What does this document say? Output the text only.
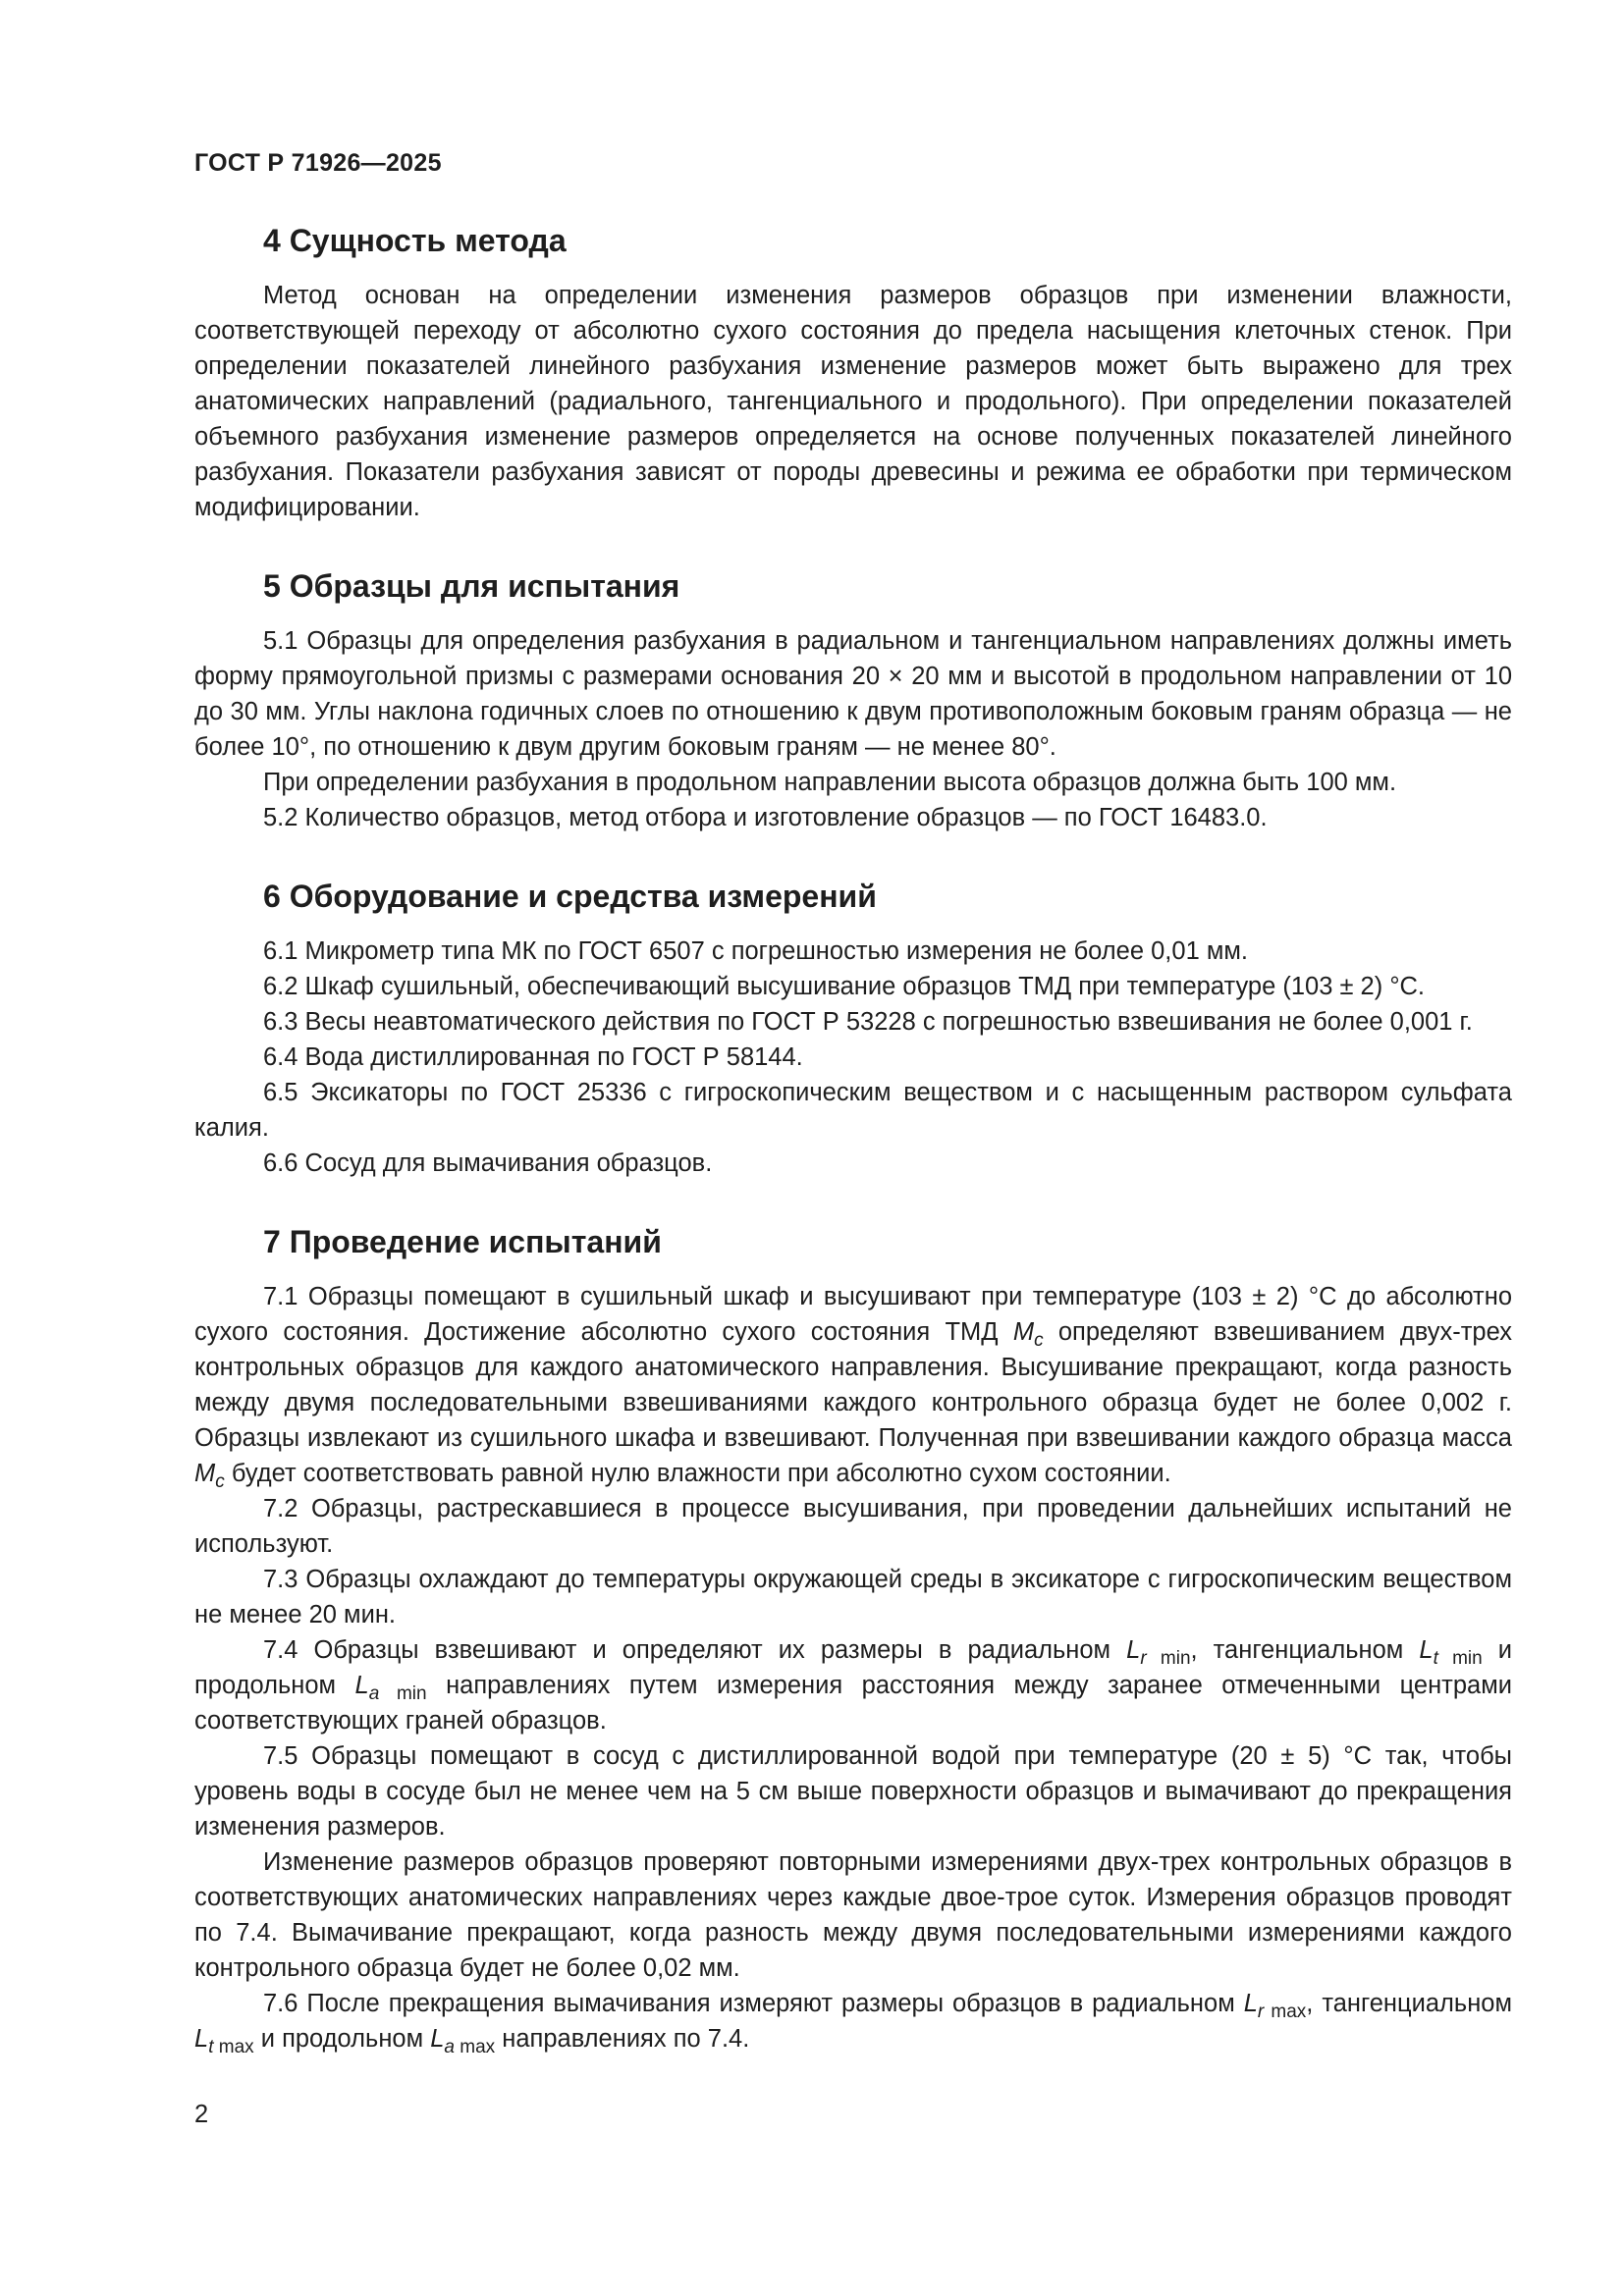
ГОСТ Р 71926—2025
4 Сущность метода

Метод основан на определении изменения размеров образцов при изменении влажности, соответствующей переходу от абсолютно сухого состояния до предела насыщения клеточных стенок. При определении показателей линейного разбухания изменение размеров может быть выражено для трех анатомических направлений (радиального, тангенциального и продольного). При определении показателей объемного разбухания изменение размеров определяется на основе полученных показателей линейного разбухания. Показатели разбухания зависят от породы древесины и режима ее обработки при термическом модифицировании.

5 Образцы для испытания

5.1 Образцы для определения разбухания в радиальном и тангенциальном направлениях должны иметь форму прямоугольной призмы с размерами основания 20 × 20 мм и высотой в продольном направлении от 10 до 30 мм. Углы наклона годичных слоев по отношению к двум противоположным боковым граням образца — не более 10°, по отношению к двум другим боковым граням — не менее 80°.

При определении разбухания в продольном направлении высота образцов должна быть 100 мм.

5.2 Количество образцов, метод отбора и изготовление образцов — по ГОСТ 16483.0.

6 Оборудование и средства измерений

6.1 Микрометр типа МК по ГОСТ 6507 с погрешностью измерения не более 0,01 мм.

6.2 Шкаф сушильный, обеспечивающий высушивание образцов ТМД при температуре (103 ± 2) °С.

6.3 Весы неавтоматического действия по ГОСТ Р 53228 с погрешностью взвешивания не более 0,001 г.

6.4 Вода дистиллированная по ГОСТ Р 58144.

6.5 Эксикаторы по ГОСТ 25336 с гигроскопическим веществом и с насыщенным раствором сульфата калия.

6.6 Сосуд для вымачивания образцов.

7 Проведение испытаний

7.1 Образцы помещают в сушильный шкаф и высушивают при температуре (103 ± 2) °С до абсолютно сухого состояния. Достижение абсолютно сухого состояния ТМД $M_c$ определяют взвешиванием двух-трех контрольных образцов для каждого анатомического направления. Высушивание прекращают, когда разность между двумя последовательными взвешиваниями каждого контрольного образца будет не более 0,002 г. Образцы извлекают из сушильного шкафа и взвешивают. Полученная при взвешивании каждого образца масса $M_c$ будет соответствовать равной нулю влажности при абсолютно сухом состоянии.

7.2 Образцы, растрескавшиеся в процессе высушивания, при проведении дальнейших испытаний не используют.

7.3 Образцы охлаждают до температуры окружающей среды в эксикаторе с гигроскопическим веществом не менее 20 мин.

7.4 Образцы взвешивают и определяют их размеры в радиальном $L_{r min}$, тангенциальном $L_{t min}$ и продольном $L_{a min}$ направлениях путем измерения расстояния между заранее отмеченными центрами соответствующих граней образцов.

7.5 Образцы помещают в сосуд с дистиллированной водой при температуре (20 ± 5) °С так, чтобы уровень воды в сосуде был не менее чем на 5 см выше поверхности образцов и вымачивают до прекращения изменения размеров.

Изменение размеров образцов проверяют повторными измерениями двух-трех контрольных образцов в соответствующих анатомических направлениях через каждые двое-трое суток. Измерения образцов проводят по 7.4. Вымачивание прекращают, когда разность между двумя последовательными измерениями каждого контрольного образца будет не более 0,02 мм.

7.6 После прекращения вымачивания измеряют размеры образцов в радиальном $L_{r max}$, тангенциальном $L_{t max}$ и продольном $L_{a max}$ направлениях по 7.4.

2
